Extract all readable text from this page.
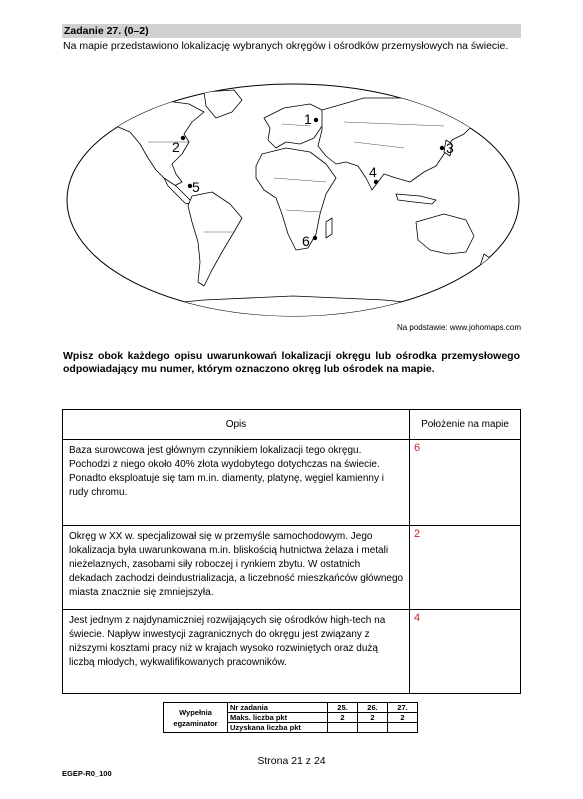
Zadanie 27. (0–2)
Na mapie przedstawiono lokalizację wybranych okręgów i ośrodków przemysłowych na świecie.
1
2	3
4
5
6
Na podstawie: www.johomaps.com
Wpisz obok każdego opisu uwarunkowań lokalizacji okręgu lub ośrodka przemysłowego odpowiadający mu numer, którym oznaczono okręg lub ośrodek na mapie.
Opis	Położenie na mapie
Baza surowcowa jest głównym czynnikiem lokalizacji tego okręgu. Pochodzi z niego około 40% złota wydobytego dotychczas na świecie. Ponadto eksploatuje się tam m.in. diamenty, platynę, węgiel kamienny i rudy chromu.	6
Okręg w XX w. specjalizował się w przemyśle samochodowym. Jego lokalizacja była uwarunkowana m.in. bliskością hutnictwa żelaza i metali nieżelaznych, zasobami siły roboczej i rynkiem zbytu. W ostatnich dekadach zachodzi deindustrializacja, a liczebność mieszkańców głównego miasta znacznie się zmniejszyła.	2
Jest jednym z najdynamiczniej rozwijających się ośrodków high-tech na świecie. Napływ inwestycji zagranicznych do okręgu jest związany z niższymi kosztami pracy niż w krajach wysoko rozwiniętych oraz dużą liczbą młodych, wykwalifikowanych pracowników.	4
Wypełnia egzaminator	Nr zadania	25.	26.	27.
	Maks. liczba pkt	2	2	2
	Uzyskana liczba pkt			
Strona 21 z 24
EGEP-R0_100
